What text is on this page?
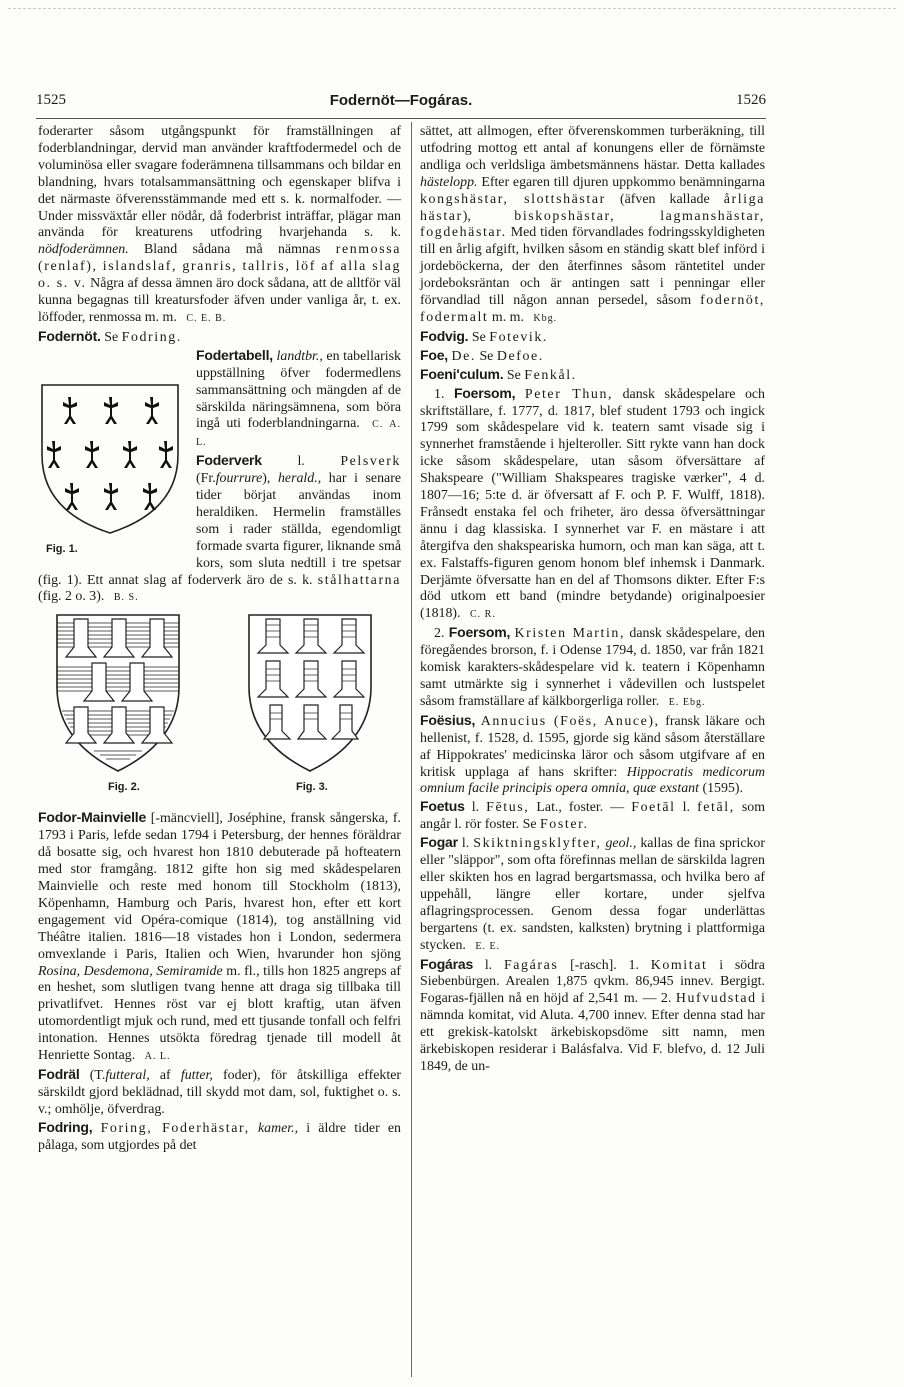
1525	Fodernöt—Fogáras.	1526

foderarter såsom utgångspunkt för framställningen af foderblandningar, dervid man använder kraftfodermedel och de voluminösa eller svagare foderämnena tillsammans och bildar en blandning, hvars totalsammansättning och egenskaper blifva i det närmaste öfverensstämmande med ett s. k. normalfoder. — Under missväxtår eller nödår, då foderbrist inträffar, plägar man använda för kreaturens utfodring hvarjehanda s. k. nödfoderämnen. Bland sådana må nämnas renmossa (renlaf), islandslaf, granris, tallris, löf af alla slag o. s. v. Några af dessa ämnen äro dock sådana, att de alltför väl kunna begagnas till kreatursfoder äfven under vanliga år, t. ex. löffoder, renmossa m. m. C. E. B.

Fodernöt. Se Fodring.

Fodertabell, landtbr.,
Fig. 1.
en tabellarisk uppställning öfver fodermedlens sammansättning och mängden af de särskilda näringsämnena, som böra ingå uti foderblandningarna. C. A. L.

Foderverk	l.	Pelsverk (Fr.fourrure), herald., har i senare tider börjat användas inom heraldiken. Hermelin framställes som i rader ställda, egendomligt formade svarta figurer, liknande små kors, som sluta nedtill i tre spetsar (fig. 1). Ett annat slag af foderverk äro de s. k. stålhattarna (fig. 2 o. 3). B. S.

Fig. 2.	Fig. 3.

Fodor-Mainvielle [-mänсviell], Joséphine, fransk sångerska, f. 1793 i Paris, lefde sedan 1794 i Petersburg, der hennes föräldrar då bosatte sig, och hvarest hon 1810 debuterade på hofteatern med stor framgång. 1812 gifte hon sig med skådespelaren Mainvielle och reste med honom till Stockholm (1813), Köpenhamn, Hamburg och Paris, hvarest hon, efter ett kort engagement vid Opéra-comique (1814), tog anställning vid Théâtre italien. 1816—18 vistades hon i London, sedermera omvexlande i Paris, Italien och Wien, hvarunder hon sjöng Rosina, Desdemona, Semiramide m. fl., tills hon 1825 angreps af en heshet, som slutligen tvang henne att draga sig tillbaka till privatlifvet. Hennes röst var ej blott kraftig, utan äfven utomordentligt mjuk och rund, med ett tjusande tonfall och felfri intonation. Hennes utsökta föredrag tjenade till modell åt Henriette Sontag. A. L.

Fodräl (T.futteral, af futter, foder), för åtskilliga effekter särskildt gjord beklädnad, till skydd mot dam, sol, fuktighet o. s. v.; omhölje, öfverdrag.

Fodring, Foring, Foderhästar, kamer., i äldre tider en pålaga, som utgjordes på det

sättet, att allmogen, efter öfverenskommen turberäkning, till utfodring mottog ett antal af konungens eller de förnämste andliga och verldsliga ämbetsmännens hästar. Detta kallades hästelopp. Efter egaren till djuren uppkommo benämningarna kongshästar, slottshästar (äfven kallade årliga hästar),	biskopshästar, lagmanshästar, fogdehästar. Med tiden förvandlades fodringsskyldigheten till en årlig afgift, hvilken såsom en ständig skatt blef införd i jordeböckerna, der den återfinnes såsom räntetitel under jordeboksräntan och är antingen satt i penningar eller förvandlad till någon annan persedel, såsom fodernöt, fodermalt m. m. Kbg.

Fodvig. Se Fotevik.

Foe, De. Se Defoe.

Foeni'culum. Se Fenkål.

1. Foersom, Peter Thun, dansk skådespelare och skriftställare, f. 1777, d. 1817, blef student 1793 och ingick 1799 som skådespelare vid k. teatern samt visade sig i synnerhet framstående i hjelteroller. Sitt rykte vann han dock icke såsom skådespelare, utan såsom öfversättare af Shakspeare ("William Shakspeares tragiske værker", 4 d. 1807—16; 5:te d. är öfversatt af F. och P. F. Wulff, 1818). Frånsedt enstaka fel och friheter, äro dessa öfversättningar ännu i dag klassiska. I synnerhet var F. en mästare i att återgifva den shakspeariska humorn, och man kan säga, att t. ex. Falstaffs-figuren genom honom blef inhemsk i Danmark. Derjämte öfversatte han en del af Thomsons dikter. Efter F:s död utkom ett band (mindre betydande) originalpoesier (1818). C. R.

2. Foersom, Kristen Martin, dansk skådespelare, den föregåendes brorson, f. i Odense 1794, d. 1850, var från 1821 komisk karakters-skådespelare vid k. teatern i Köpenhamn samt utmärkte sig i synnerhet i vådevillen och lustspelet såsom framställare af kälkborgerliga roller. E. Ebg.

Foësius, Annucius (Foës, Anuce), fransk läkare och hellenist, f. 1528, d. 1595, gjorde sig känd såsom återställare af Hippokrates' medicinska läror och såsom utgifvare af en kritisk upplaga af hans skrifter: Hippocratis medicorum omnium facile principis opera omnia, quæ exstant (1595).

Foetus l. Fētus, Lat., foster. — Foetāl l. fetāl, som angår l. rör foster. Se Foster.

Fogar l. Skiktningsklyfter, geol., kallas de fina sprickor eller "släppor", som ofta förefinnas mellan de särskilda lagren eller skikten hos en lagrad bergartsmassa, och hvilka bero af uppehåll, längre eller kortare, under sjelfva aflagringsprocessen. Genom dessa fogar underlättas bergartens (t. ex. sandsten, kalksten) brytning i plattformiga stycken. E. E.

Fogáras l. Fagáras [-rasch]. 1. Komitat i södra Siebenbürgen. Arealen 1,875 qvkm. 86,945 innev. Bergigt. Fogaras-fjällen nå en höjd af 2,541 m. — 2. Hufvudstad i nämnda komitat, vid Aluta. 4,700 innev. Efter denna stad har ett grekisk-katolskt ärkebiskopsdöme sitt namn, men ärkebiskopen residerar i Balásfalva. Vid F. blefvo, d. 12 Juli 1849, de un-
